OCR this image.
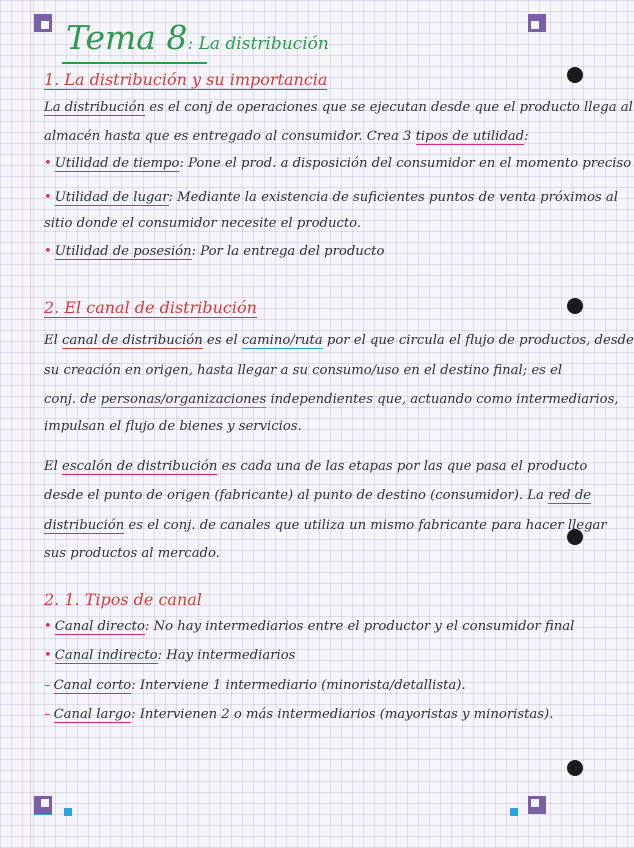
Tema 8: La distribución
1. La distribución y su importancia
La distribución es el conj de operaciones que se ejecutan desde que el producto llega al
almacén hasta que es entregado al consumidor. Crea 3 tipos de utilidad:
• Utilidad de tiempo: Pone el prod. a disposición del consumidor en el momento preciso
• Utilidad de lugar: Mediante la existencia de suficientes puntos de venta próximos al
sitio donde el consumidor necesite el producto.
• Utilidad de posesión: Por la entrega del producto
2. El canal de distribución
El canal de distribución es el camino/ruta por el que circula el flujo de productos, desde
su creación en origen, hasta llegar a su consumo/uso en el destino final; es el
conj. de personas/organizaciones independientes que, actuando como intermediarios,
impulsan el flujo de bienes y servicios.
El escalón de distribución es cada una de las etapas por las que pasa el producto
desde el punto de origen (fabricante) al punto de destino (consumidor). La red de
distribución es el conj. de canales que utiliza un mismo fabricante para hacer llegar
sus productos al mercado.
2. 1. Tipos de canal
• Canal directo: No hay intermediarios entre el productor y el consumidor final
• Canal indirecto: Hay intermediarios
– Canal corto: Interviene 1 intermediario (minorista/detallista).
– Canal largo: Intervienen 2 o más intermediarios (mayoristas y minoristas).
